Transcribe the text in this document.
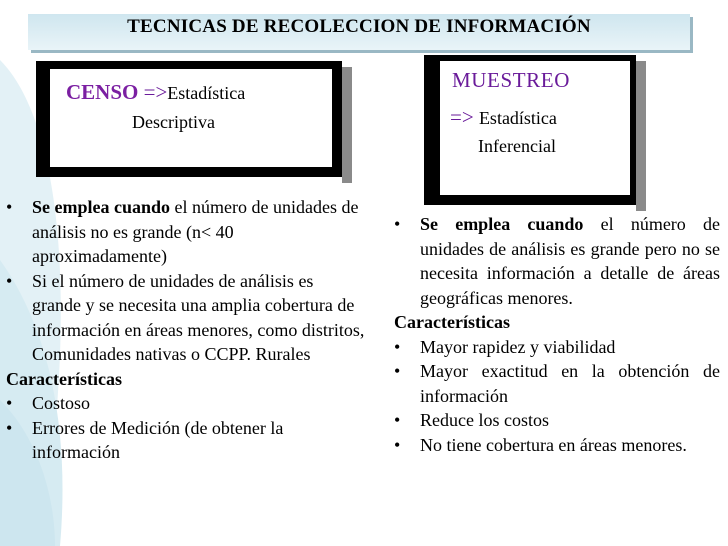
TECNICAS DE RECOLECCION DE INFORMACIÓN
CENSO =>Estadística
Descriptiva
MUESTREO
=> Estadística
Inferencial
• Se emplea cuando el número de unidades de análisis no es grande (n< 40 aproximadamente)
• Si el número de unidades de análisis es grande y se necesita una amplia cobertura de información en áreas menores, como distritos, Comunidades nativas o CCPP. Rurales
Características
• Costoso
• Errores de Medición (de obtener la información
• Se emplea cuando el número de unidades de análisis es grande pero no se necesita información a detalle de áreas geográficas menores.
Características
• Mayor rapidez y viabilidad
• Mayor exactitud en la obtención de información
• Reduce los costos
• No tiene cobertura en áreas menores.
